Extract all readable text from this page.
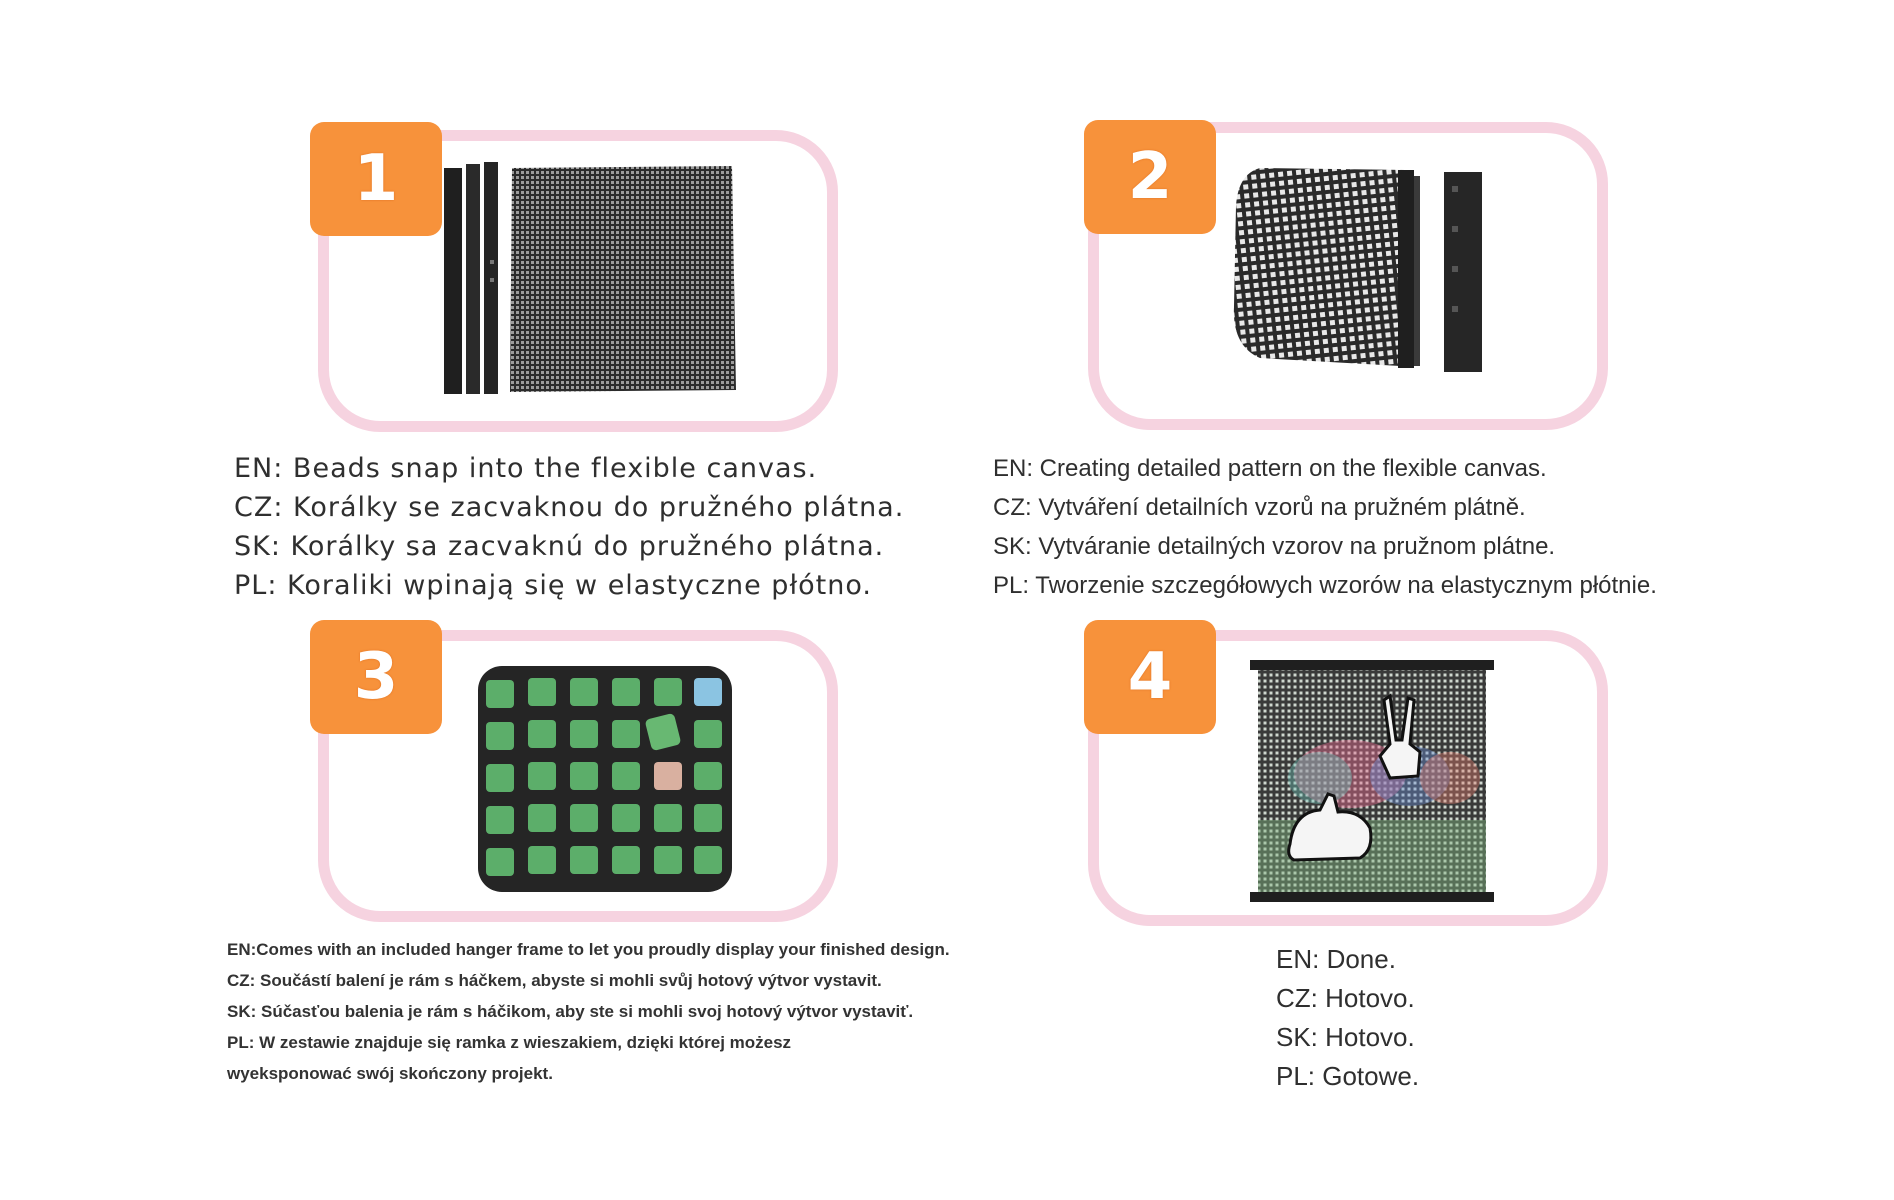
1

EN: Beads snap into the flexible canvas.

CZ: Korálky se zacvaknou do pružného plátna.

SK: Korálky sa zacvaknú do pružného plátna.

PL: Koraliki wpinają się w elastyczne płótno.

2

EN: Creating detailed pattern on the flexible canvas.

CZ: Vytváření detailních vzorů na pružném plátně.

SK: Vytváranie detailných vzorov na pružnom plátne.

PL: Tworzenie szczegółowych wzorów na elastycznym płótnie.

3

EN:Comes with an included hanger frame to let you proudly display your finished design.

CZ: Součástí balení je rám s háčkem, abyste si mohli svůj hotový výtvor vystavit.

SK: Súčasťou balenia je rám s háčikom, aby ste si mohli svoj hotový výtvor vystaviť.

PL: W zestawie znajduje się ramka z wieszakiem, dzięki której możesz

wyeksponować swój skończony projekt.

4

EN: Done.

CZ: Hotovo.

SK: Hotovo.

PL: Gotowe.
